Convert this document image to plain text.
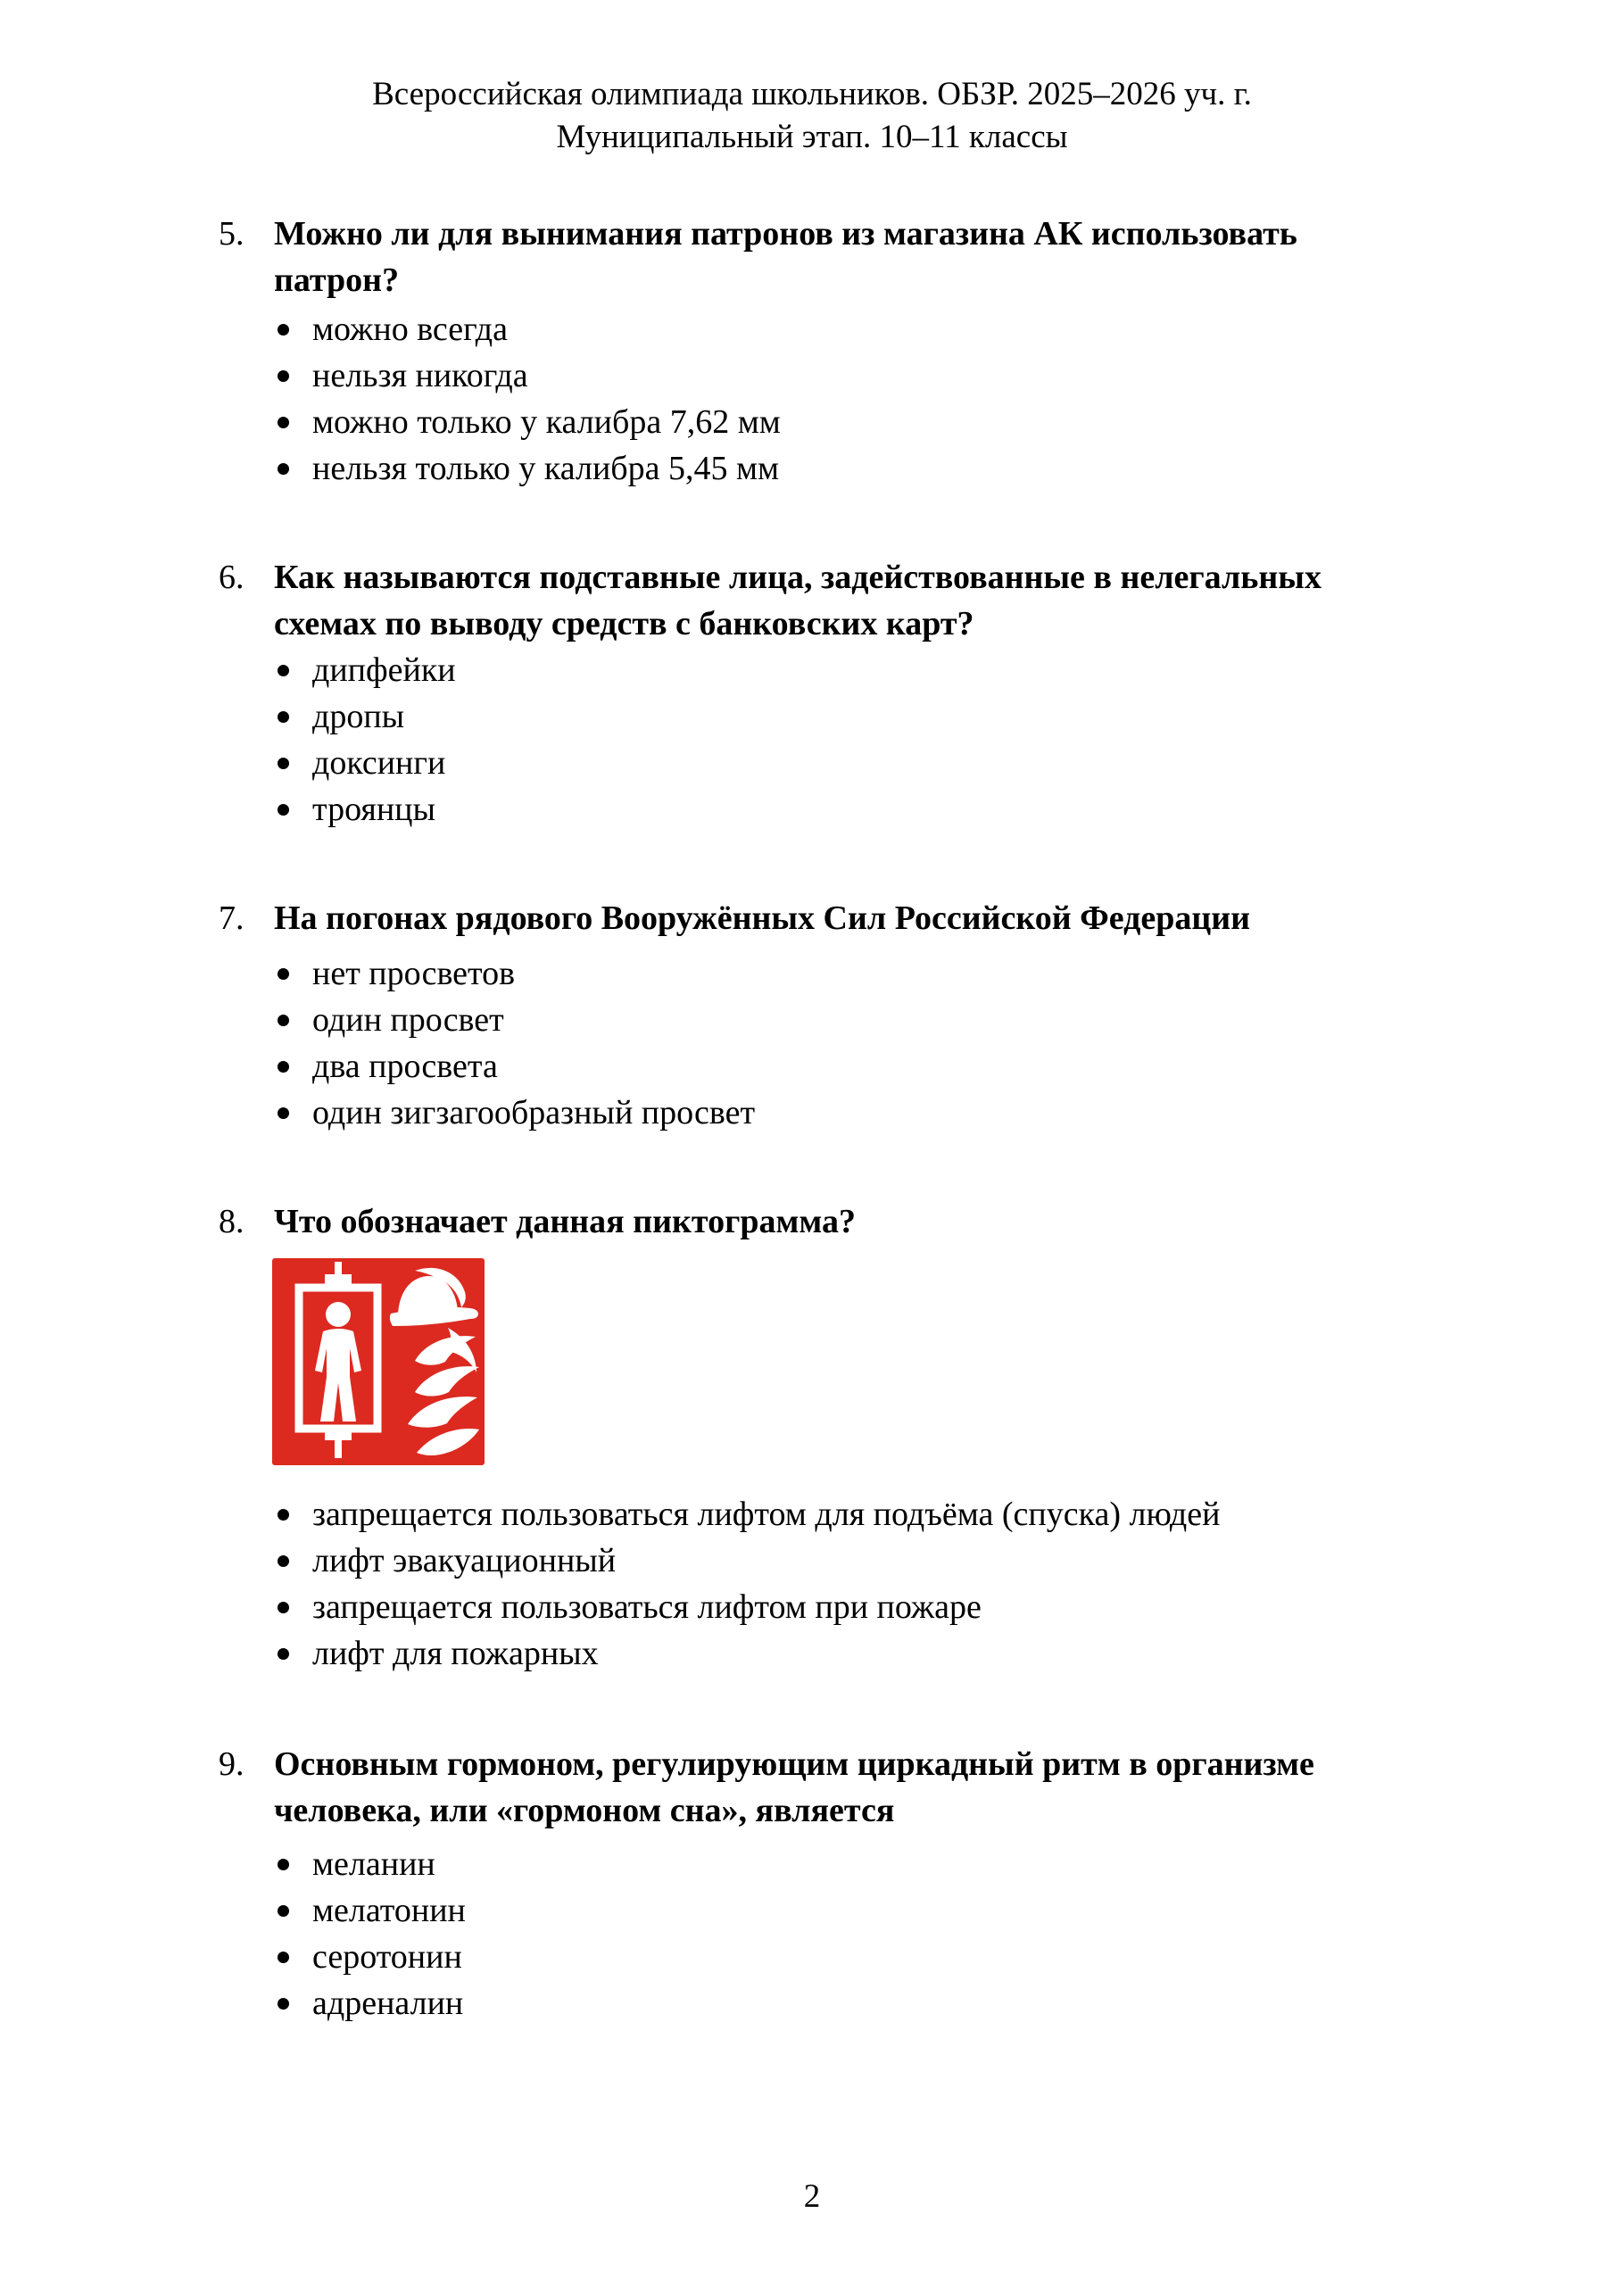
Всероссийская олимпиада школьников. ОБЗР. 2025–2026 уч. г.
Муниципальный этап. 10–11 классы
5. Можно ли для вынимания патронов из магазина АК использовать
патрон?
можно всегда
нельзя никогда
можно только у калибра 7,62 мм
нельзя только у калибра 5,45 мм
6. Как называются подставные лица, задействованные в нелегальных
схемах по выводу средств с банковских карт?
дипфейки
дропы
доксинги
троянцы
7. На погонах рядового Вооружённых Сил Российской Федерации
нет просветов
один просвет
два просвета
один зигзагообразный просвет
8. Что обозначает данная пиктограмма?
запрещается пользоваться лифтом для подъёма (спуска) людей
лифт эвакуационный
запрещается пользоваться лифтом при пожаре
лифт для пожарных
9. Основным гормоном, регулирующим циркадный ритм в организме
человека, или «гормоном сна», является
меланин
мелатонин
серотонин
адреналин
2
